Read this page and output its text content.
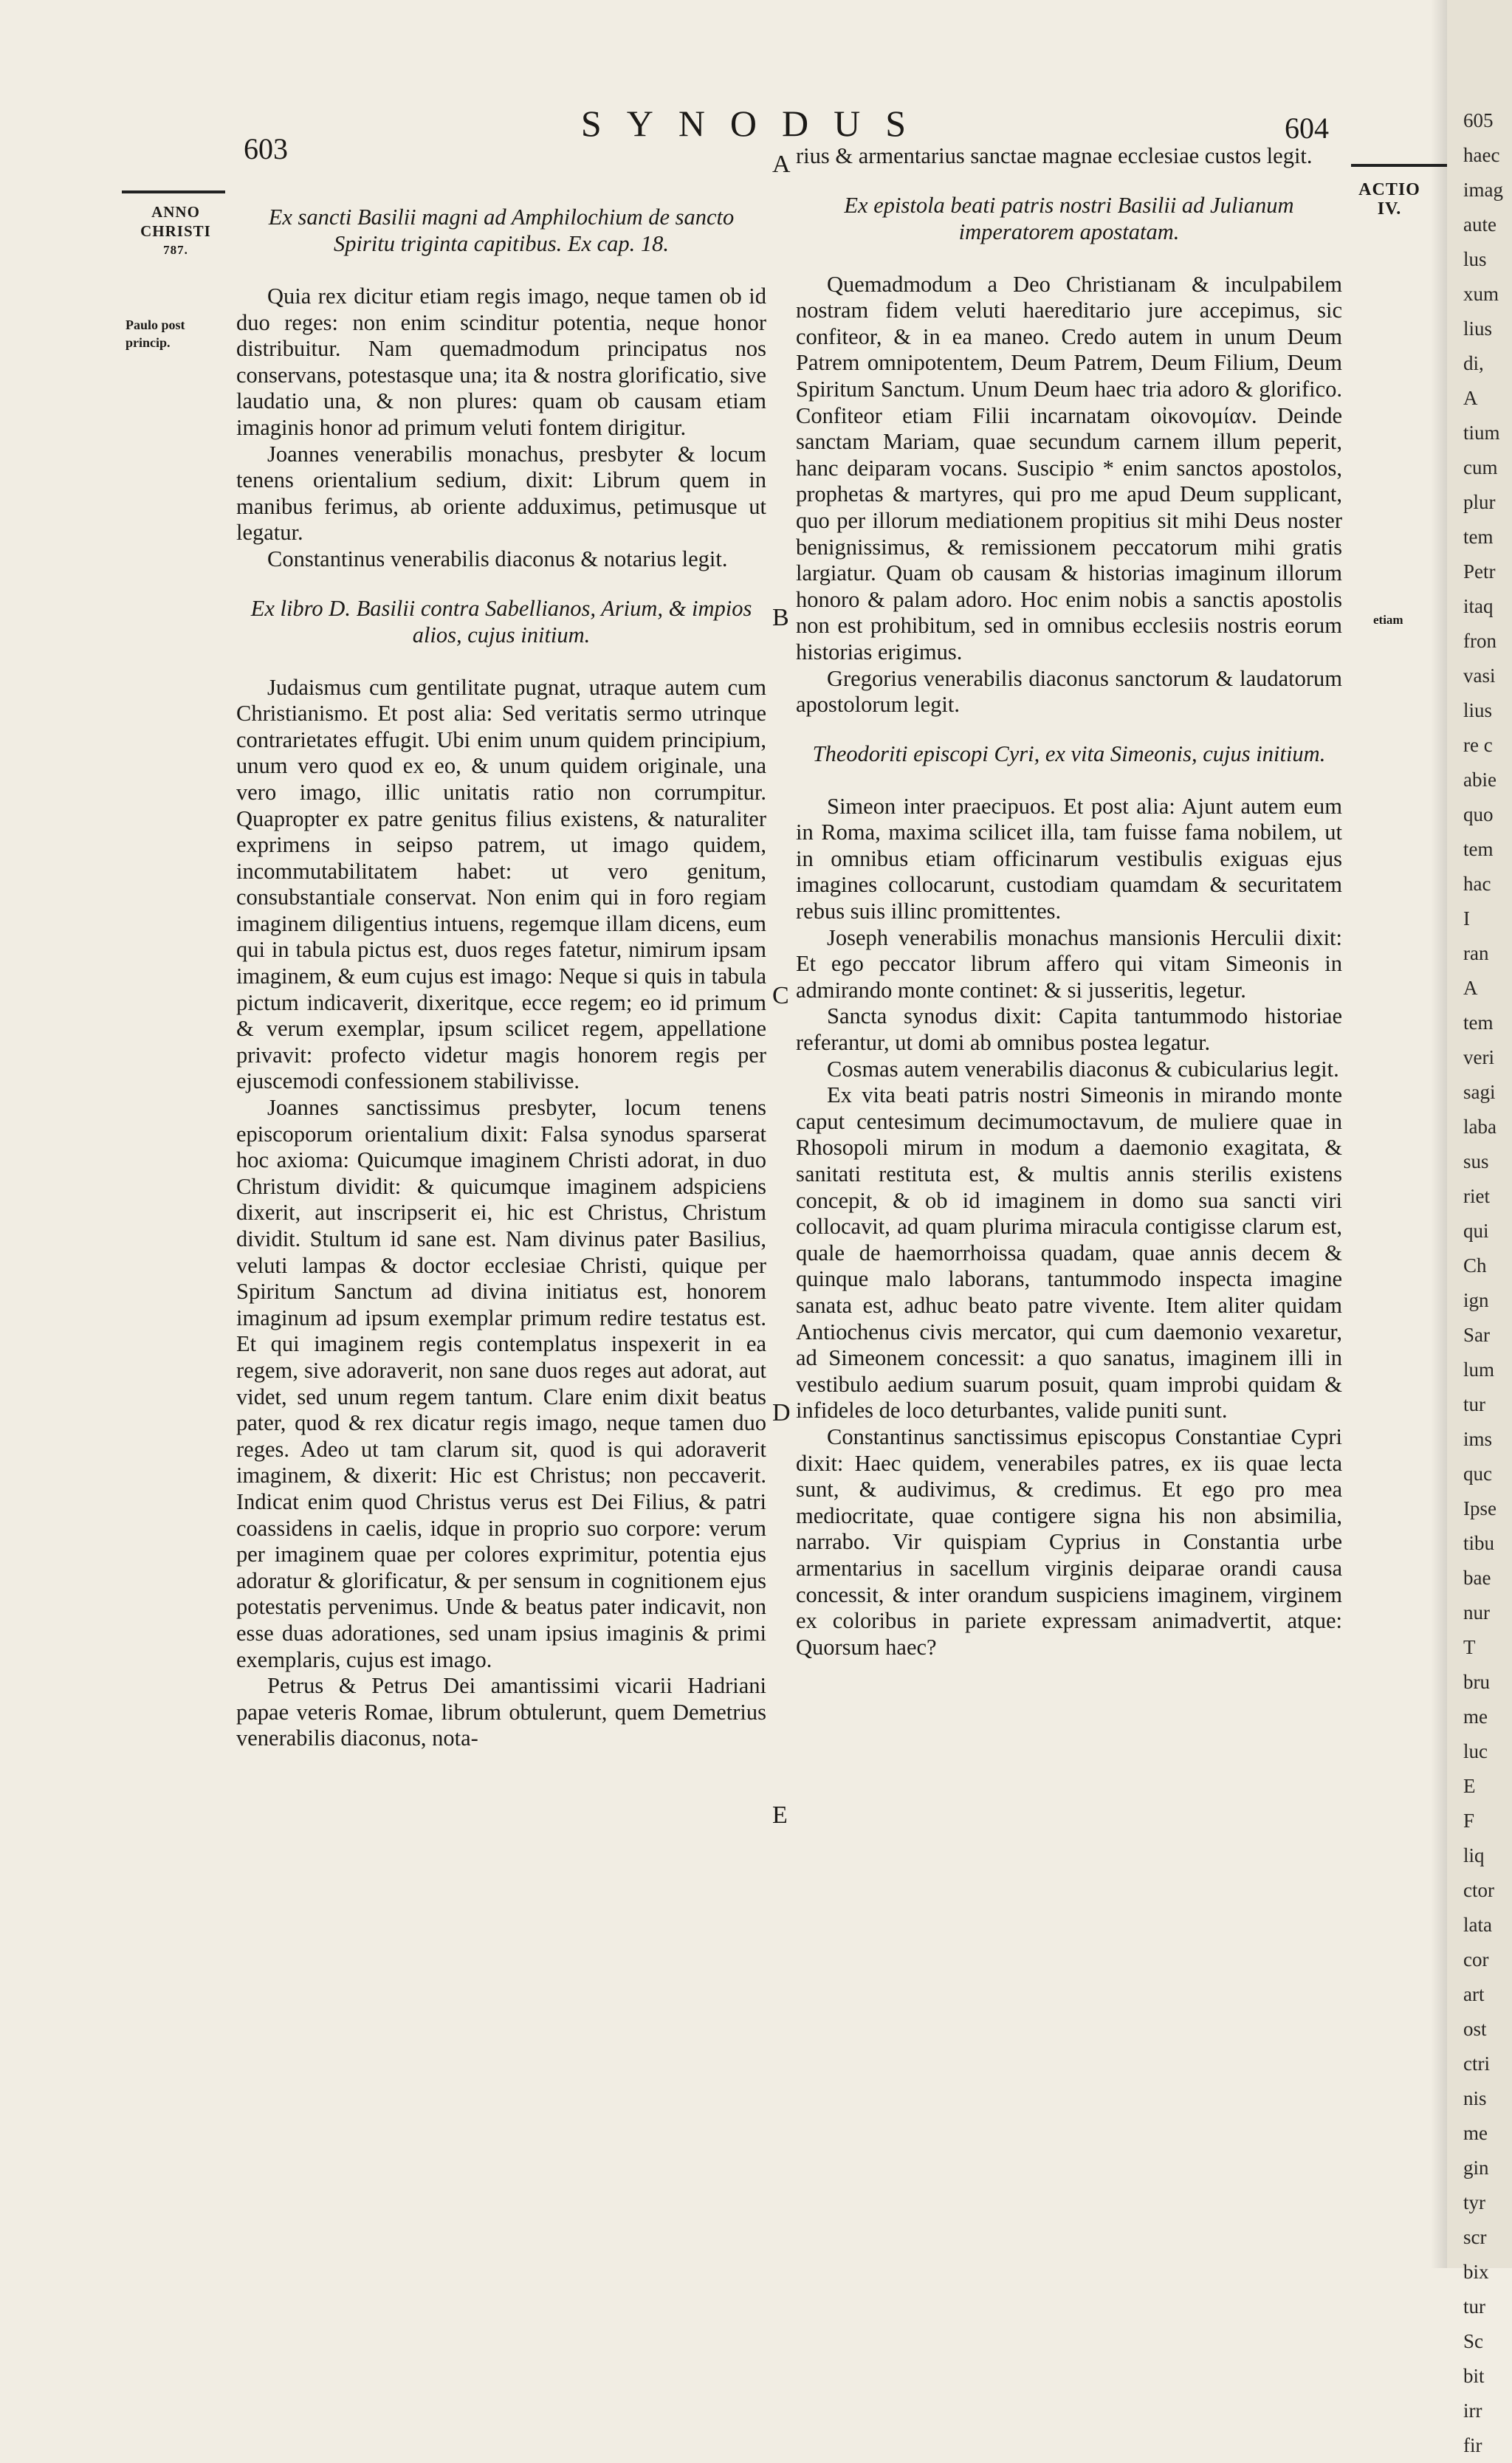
SYNODUS
603
604
ANNO
CHRISTI
787.
Paulo post
princip.
ACTIO
IV.
etiam
A
B
C
D
E
Ex sancti Basilii magni ad Amphilochium de sancto Spiritu triginta capitibus. Ex cap. 18.

Quia rex dicitur etiam regis imago, neque tamen ob id duo reges: non enim scinditur potentia, neque honor distribuitur. Nam quemadmodum principatus nos conservans, potestasque una; ita & nostra glorificatio, sive laudatio una, & non plures: quam ob causam etiam imaginis honor ad primum veluti fontem dirigitur.

Joannes venerabilis monachus, presbyter & locum tenens orientalium sedium, dixit: Librum quem in manibus ferimus, ab oriente adduximus, petimusque ut legatur.

Constantinus venerabilis diaconus & notarius legit.

Ex libro D. Basilii contra Sabellianos, Arium, & impios alios, cujus initium.

Judaismus cum gentilitate pugnat, utraque autem cum Christianismo. Et post alia: Sed veritatis sermo utrinque contrarietates effugit. Ubi enim unum quidem principium, unum vero quod ex eo, & unum quidem originale, una vero imago, illic unitatis ratio non corrumpitur. Quapropter ex patre genitus filius existens, & naturaliter exprimens in seipso patrem, ut imago quidem, incommutabilitatem habet: ut vero genitum, consubstantiale conservat. Non enim qui in foro regiam imaginem diligentius intuens, regemque illam dicens, eum qui in tabula pictus est, duos reges fatetur, nimirum ipsam imaginem, & eum cujus est imago: Neque si quis in tabula pictum indicaverit, dixeritque, ecce regem; eo id primum & verum exemplar, ipsum scilicet regem, appellatione privavit: profecto videtur magis honorem regis per ejuscemodi confessionem stabilivisse.

Joannes sanctissimus presbyter, locum tenens episcoporum orientalium dixit: Falsa synodus sparserat hoc axioma: Quicumque imaginem Christi adorat, in duo Christum dividit: & quicumque imaginem adspiciens dixerit, aut inscripserit ei, hic est Christus, Christum dividit. Stultum id sane est. Nam divinus pater Basilius, veluti lampas & doctor ecclesiae Christi, quique per Spiritum Sanctum ad divina initiatus est, honorem imaginum ad ipsum exemplar primum redire testatus est. Et qui imaginem regis contemplatus inspexerit in ea regem, sive adoraverit, non sane duos reges aut adorat, aut videt, sed unum regem tantum. Clare enim dixit beatus pater, quod & rex dicatur regis imago, neque tamen duo reges. Adeo ut tam clarum sit, quod is qui adoraverit imaginem, & dixerit: Hic est Christus; non peccaverit. Indicat enim quod Christus verus est Dei Filius, & patri coassidens in caelis, idque in proprio suo corpore: verum per imaginem quae per colores exprimitur, potentia ejus adoratur & glorificatur, & per sensum in cognitionem ejus potestatis pervenimus. Unde & beatus pater indicavit, non esse duas adorationes, sed unam ipsius imaginis & primi exemplaris, cujus est imago.

Petrus & Petrus Dei amantissimi vicarii Hadriani papae veteris Romae, librum obtulerunt, quem Demetrius venerabilis diaconus, nota-

rius & armentarius sanctae magnae ecclesiae custos legit.

Ex epistola beati patris nostri Basilii ad Julianum imperatorem apostatam.

Quemadmodum a Deo Christianam & inculpabilem nostram fidem veluti haereditario jure accepimus, sic confiteor, & in ea maneo. Credo autem in unum Deum Patrem omnipotentem, Deum Patrem, Deum Filium, Deum Spiritum Sanctum. Unum Deum haec tria adoro & glorifico. Confiteor etiam Filii incarnatam οἰκονομίαν. Deinde sanctam Mariam, quae secundum carnem illum peperit, hanc deiparam vocans. Suscipio * enim sanctos apostolos, prophetas & martyres, qui pro me apud Deum supplicant, quo per illorum mediationem propitius sit mihi Deus noster benignissimus, & remissionem peccatorum mihi gratis largiatur. Quam ob causam & historias imaginum illorum honoro & palam adoro. Hoc enim nobis a sanctis apostolis non est prohibitum, sed in omnibus ecclesiis nostris eorum historias erigimus.

Gregorius venerabilis diaconus sanctorum & laudatorum apostolorum legit.

Theodoriti episcopi Cyri, ex vita Simeonis, cujus initium.

Simeon inter praecipuos. Et post alia: Ajunt autem eum in Roma, maxima scilicet illa, tam fuisse fama nobilem, ut in omnibus etiam officinarum vestibulis exiguas ejus imagines collocarunt, custodiam quamdam & securitatem rebus suis illinc promittentes.

Joseph venerabilis monachus mansionis Herculii dixit: Et ego peccator librum affero qui vitam Simeonis in admirando monte continet: & si jusseritis, legetur.

Sancta synodus dixit: Capita tantummodo historiae referantur, ut domi ab omnibus postea legatur.

Cosmas autem venerabilis diaconus & cubicularius legit.

Ex vita beati patris nostri Simeonis in mirando monte caput centesimum decimumoctavum, de muliere quae in Rhosopoli mirum in modum a daemonio exagitata, & sanitati restituta est, & multis annis sterilis existens concepit, & ob id imaginem in domo sua sancti viri collocavit, ad quam plurima miracula contigisse clarum est, quale de haemorrhoissa quadam, quae annis decem & quinque malo laborans, tantummodo inspecta imagine sanata est, adhuc beato patre vivente. Item aliter quidam Antiochenus civis mercator, qui cum daemonio vexaretur, ad Simeonem concessit: a quo sanatus, imaginem illi in vestibulo aedium suarum posuit, quam improbi quidam & infideles de loco deturbantes, valide puniti sunt.

Constantinus sanctissimus episcopus Constantiae Cypri dixit: Haec quidem, venerabiles patres, ex iis quae lecta sunt, & audivimus, & credimus. Et ego pro mea mediocritate, quae contigere signa his non absimilia, narrabo. Vir quispiam Cyprius in Constantia urbe armentarius in sacellum virginis deiparae orandi causa concessit, & inter orandum suspiciens imaginem, virginem ex coloribus in pariete expressam animadvertit, atque: Quorsum haec?

605
haec
imag
aute
lus
xum
lius
di,
A
tium
cum
plur
tem
Petr
itaq
fron
vasi
lius
re c
abie
quo
tem
hac
I
ran
A
tem
veri
sagi
laba
sus
riet
qui
Ch
ign
Sar
lum
tur
ims
quc
Ipse
tibu
bae
nur
T
bru
me
luc
E
F
liq
ctor
lata
cor
art
ost
ctri
nis
me
gin
tyr
scr
bix
tur
Sc
bit
irr
fir
